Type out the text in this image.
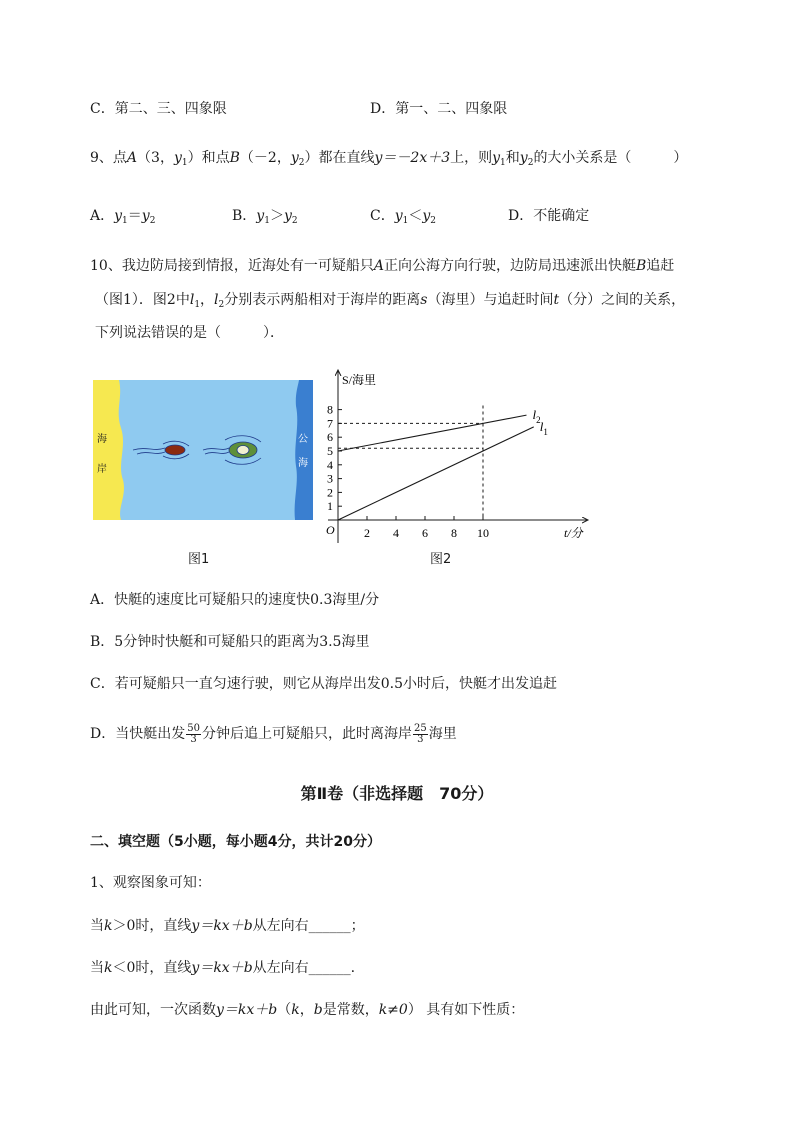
C．第二、三、四象限	D．第一、二、四象限
9、点A（3，$y_1$）和点B（－2，$y_2$）都在直线y＝－2x＋3上，则$y_1$和$y_2$的大小关系是（　　　）
A．$y_1=y_2$	B．$y_1>y_2$	C．$y_1<y_2$	D．不能确定
10、我边防局接到情报，近海处有一可疑船只A正向公海方向行驶，边防局迅速派出快艇B追赶
（图1）．图2中$l_1$，$l_2$分别表示两船相对于海岸的距离s（海里）与追赶时间t（分）之间的关系，
下列说法错误的是（　　　）．
海
岸
公
海
图1
S/海里
t/分
O 2 4 6 8 10
1
2
3
4
5
6
7
8	$l_2$ $l_1$
图2
A．快艇的速度比可疑船只的速度快0.3海里/分
B．5分钟时快艇和可疑船只的距离为3.5海里
C．若可疑船只一直匀速行驶，则它从海岸出发0.5小时后，快艇才出发追赶
D．当快艇出发 $\frac{50}{3}$ 分钟后追上可疑船只，此时离海岸 $\frac{25}{3}$ 海里
第Ⅱ卷（非选择题　70分）
二、填空题（5小题，每小题4分，共计20分）
1、观察图象可知：
当k＞0时，直线y＝kx＋b从左向右______；
当k＜0时，直线y＝kx＋b从左向右______.
由此可知，一次函数y＝kx＋b（k，b是常数，k≠0） 具有如下性质：
